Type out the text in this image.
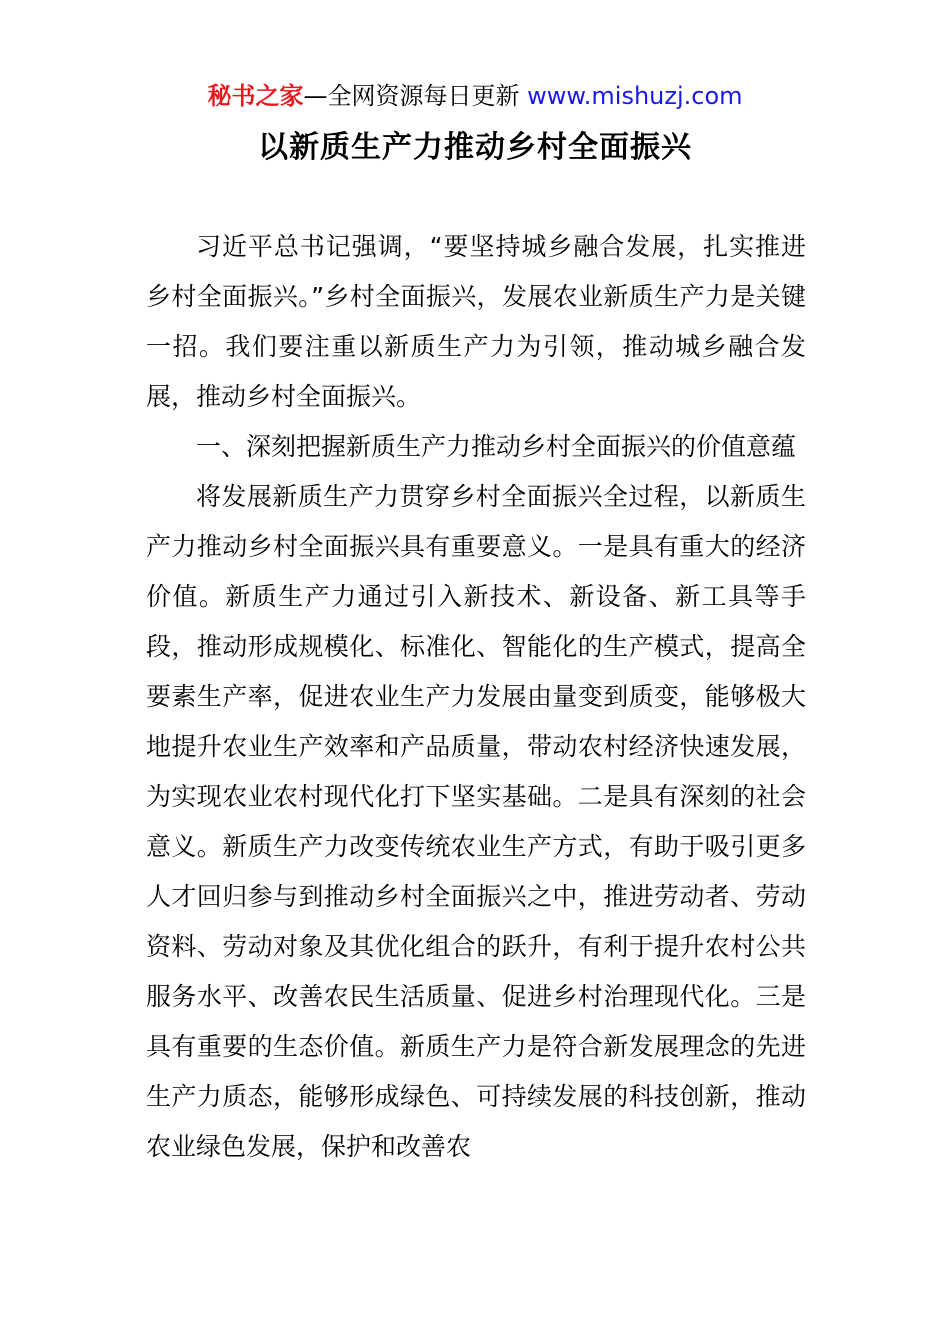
秘书之家—全网资源每日更新 www.mishuzj.com
以新质生产力推动乡村全面振兴

习近平总书记强调，“要坚持城乡融合发展，扎实推进乡村全面振兴。”乡村全面振兴，发展农业新质生产力是关键一招。我们要注重以新质生产力为引领，推动城乡融合发展，推动乡村全面振兴。

一、深刻把握新质生产力推动乡村全面振兴的价值意蕴

将发展新质生产力贯穿乡村全面振兴全过程，以新质生产力推动乡村全面振兴具有重要意义。一是具有重大的经济价值。新质生产力通过引入新技术、新设备、新工具等手段，推动形成规模化、标准化、智能化的生产模式，提高全要素生产率，促进农业生产力发展由量变到质变，能够极大地提升农业生产效率和产品质量，带动农村经济快速发展，为实现农业农村现代化打下坚实基础。二是具有深刻的社会意义。新质生产力改变传统农业生产方式，有助于吸引更多人才回归参与到推动乡村全面振兴之中，推进劳动者、劳动资料、劳动对象及其优化组合的跃升，有利于提升农村公共服务水平、改善农民生活质量、促进乡村治理现代化。三是具有重要的生态价值。新质生产力是符合新发展理念的先进生产力质态，能够形成绿色、可持续发展的科技创新，推动农业绿色发展，保护和改善农
